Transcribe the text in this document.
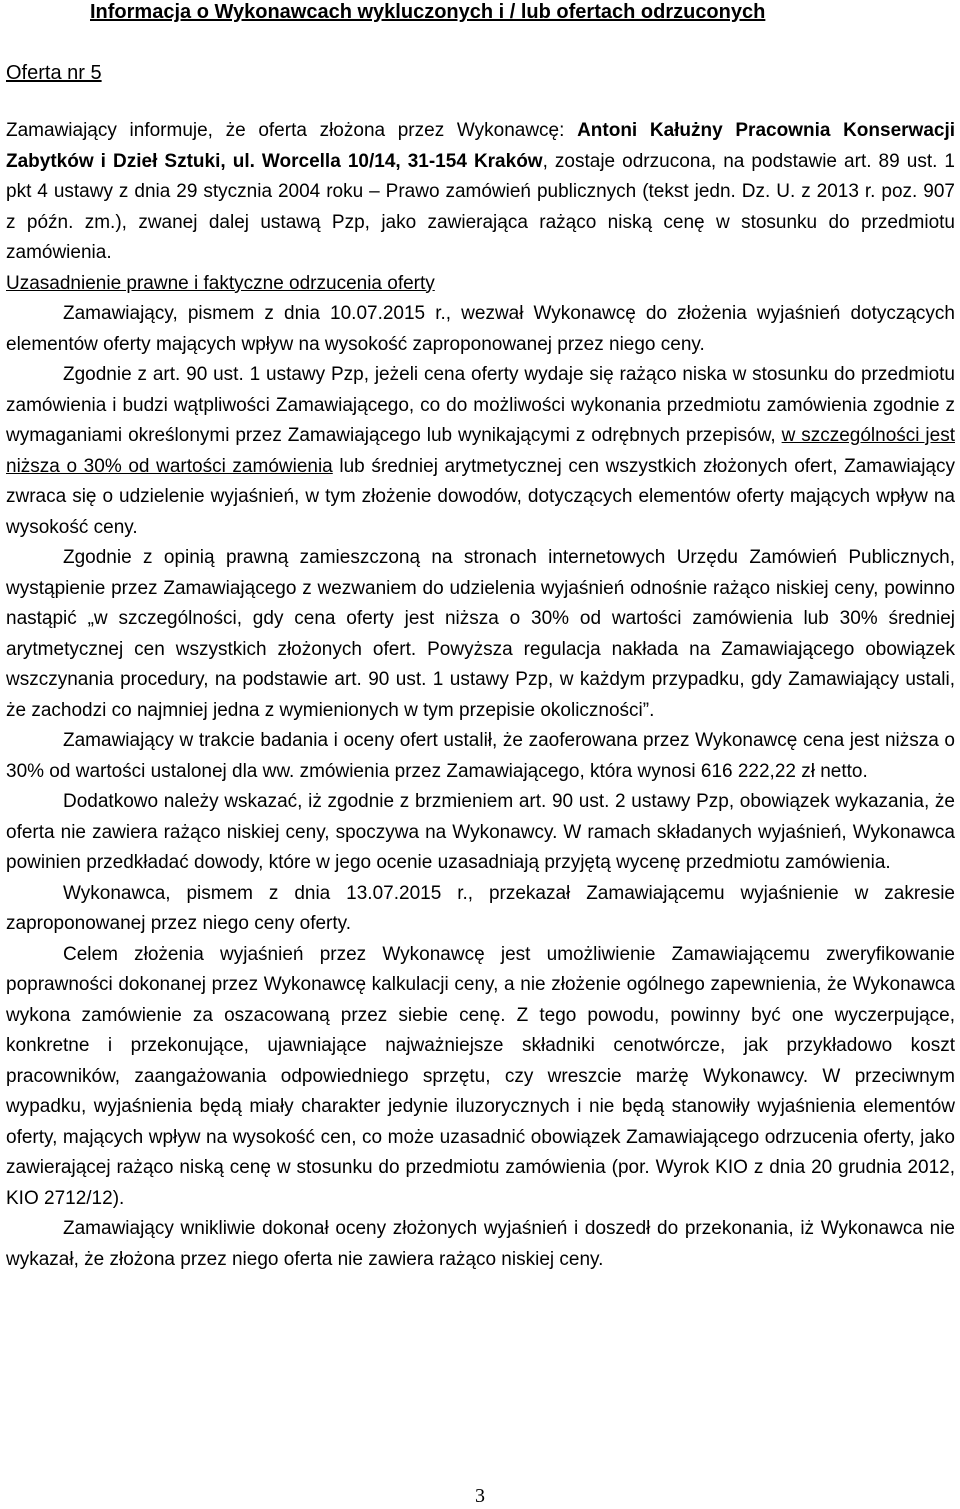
Informacja o Wykonawcach wykluczonych i / lub ofertach odrzuconych
Oferta nr 5

Zamawiający informuje, że oferta złożona przez Wykonawcę: Antoni Kałużny Pracownia Konserwacji Zabytków i Dzieł Sztuki, ul. Worcella 10/14, 31-154 Kraków, zostaje odrzucona, na podstawie art. 89 ust. 1 pkt 4 ustawy z dnia 29 stycznia 2004 roku – Prawo zamówień publicznych (tekst jedn. Dz. U. z 2013 r. poz. 907 z późn. zm.), zwanej dalej ustawą Pzp, jako zawierająca rażąco niską cenę w stosunku do przedmiotu zamówienia.

Uzasadnienie prawne i faktyczne odrzucenia oferty

Zamawiający, pismem z dnia 10.07.2015 r., wezwał Wykonawcę do złożenia wyjaśnień dotyczących elementów oferty mających wpływ na wysokość zaproponowanej przez niego ceny.

Zgodnie z art. 90 ust. 1 ustawy Pzp, jeżeli cena oferty wydaje się rażąco niska w stosunku do przedmiotu zamówienia i budzi wątpliwości Zamawiającego, co do możliwości wykonania przedmiotu zamówienia zgodnie z wymaganiami określonymi przez Zamawiającego lub wynikającymi z odrębnych przepisów, w szczególności jest niższa o 30% od wartości zamówienia lub średniej arytmetycznej cen wszystkich złożonych ofert, Zamawiający zwraca się o udzielenie wyjaśnień, w tym złożenie dowodów, dotyczących elementów oferty mających wpływ na wysokość ceny.

Zgodnie z opinią prawną zamieszczoną na stronach internetowych Urzędu Zamówień Publicznych, wystąpienie przez Zamawiającego z wezwaniem do udzielenia wyjaśnień odnośnie rażąco niskiej ceny, powinno nastąpić „w szczególności, gdy cena oferty jest niższa o 30% od wartości zamówienia lub 30% średniej arytmetycznej cen wszystkich złożonych ofert. Powyższa regulacja nakłada na Zamawiającego obowiązek wszczynania procedury, na podstawie art. 90 ust. 1 ustawy Pzp, w każdym przypadku, gdy Zamawiający ustali, że zachodzi co najmniej jedna z wymienionych w tym przepisie okoliczności”.

Zamawiający w trakcie badania i oceny ofert ustalił, że zaoferowana przez Wykonawcę cena jest niższa o 30% od wartości ustalonej dla ww. zmówienia przez Zamawiającego, która wynosi 616 222,22 zł netto.

Dodatkowo należy wskazać, iż zgodnie z brzmieniem art. 90 ust. 2 ustawy Pzp, obowiązek wykazania, że oferta nie zawiera rażąco niskiej ceny, spoczywa na Wykonawcy. W ramach składanych wyjaśnień, Wykonawca powinien przedkładać dowody, które w jego ocenie uzasadniają przyjętą wycenę przedmiotu zamówienia.

Wykonawca, pismem z dnia 13.07.2015 r., przekazał Zamawiającemu wyjaśnienie w zakresie zaproponowanej przez niego ceny oferty.

Celem złożenia wyjaśnień przez Wykonawcę jest umożliwienie Zamawiającemu zweryfikowanie poprawności dokonanej przez Wykonawcę kalkulacji ceny, a nie złożenie ogólnego zapewnienia, że Wykonawca wykona zamówienie za oszacowaną przez siebie cenę. Z tego powodu, powinny być one wyczerpujące, konkretne i przekonujące, ujawniające najważniejsze składniki cenotwórcze, jak przykładowo koszt pracowników, zaangażowania odpowiedniego sprzętu, czy wreszcie marżę Wykonawcy. W przeciwnym wypadku, wyjaśnienia będą miały charakter jedynie iluzorycznych i nie będą stanowiły wyjaśnienia elementów oferty, mających wpływ na wysokość cen, co może uzasadnić obowiązek Zamawiającego odrzucenia oferty, jako zawierającej rażąco niską cenę w stosunku do przedmiotu zamówienia (por. Wyrok KIO z dnia 20 grudnia 2012, KIO 2712/12).

Zamawiający wnikliwie dokonał oceny złożonych wyjaśnień i doszedł do przekonania, iż Wykonawca nie wykazał, że złożona przez niego oferta nie zawiera rażąco niskiej ceny.

3
